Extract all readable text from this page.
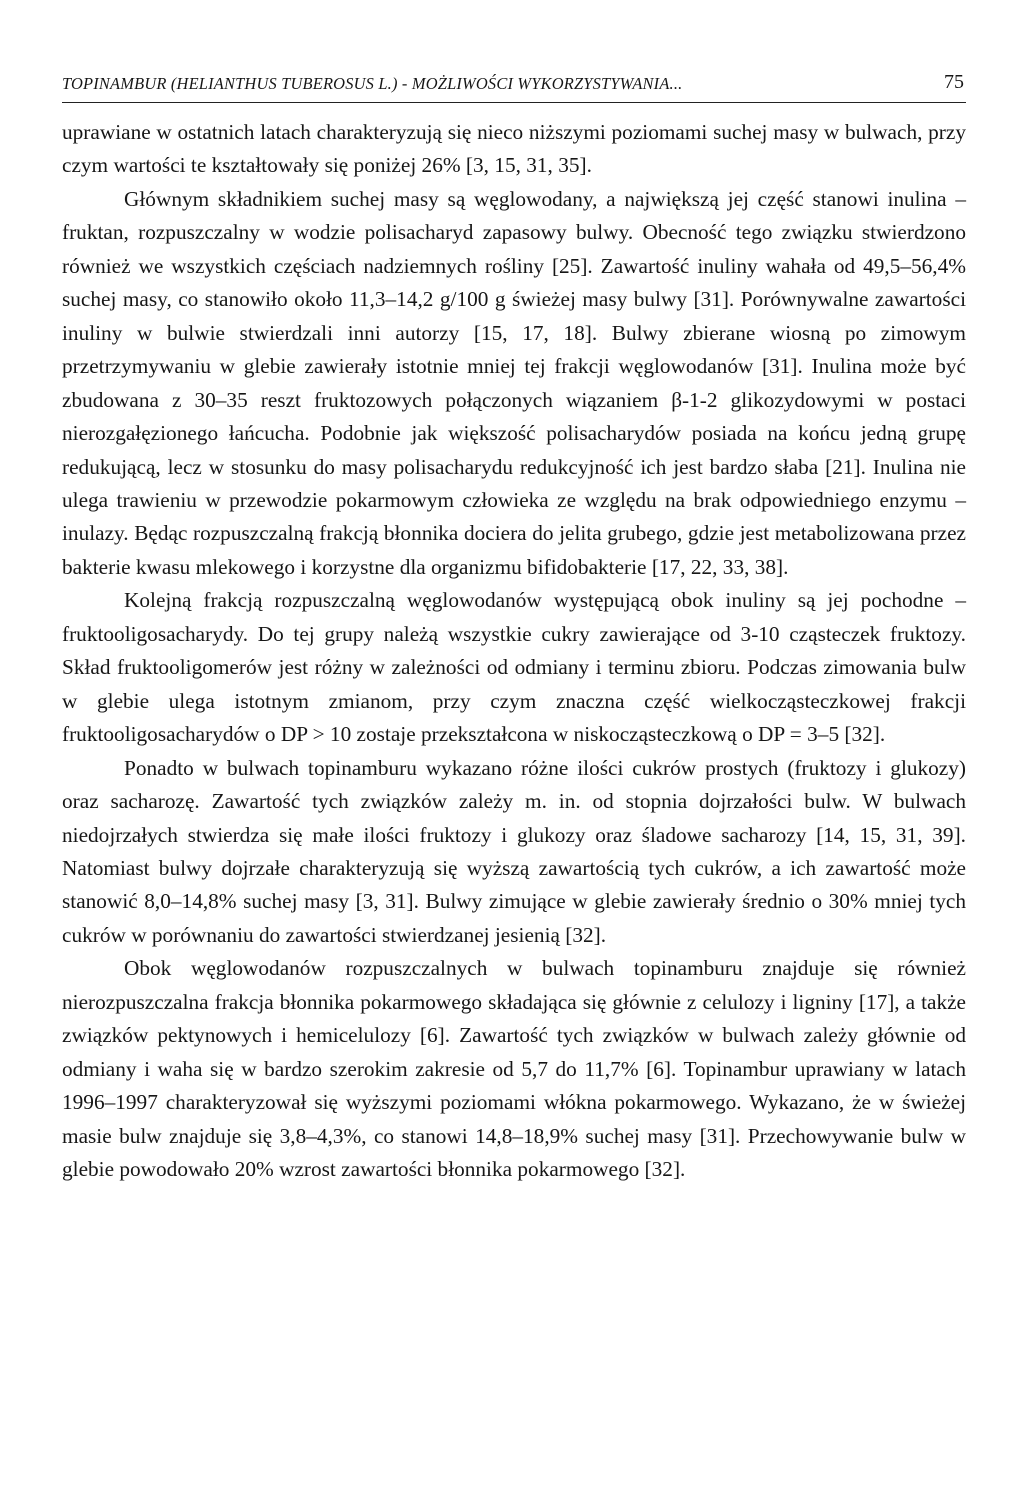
TOPINAMBUR (HELIANTHUS TUBEROSUS L.) - MOŻLIWOŚCI WYKORZYSTYWANIA...	75

uprawiane w ostatnich latach charakteryzują się nieco niższymi poziomami suchej masy w bulwach, przy czym wartości te kształtowały się poniżej 26% [3, 15, 31, 35].

Głównym składnikiem suchej masy są węglowodany, a największą jej część stanowi inulina – fruktan, rozpuszczalny w wodzie polisacharyd zapasowy bulwy. Obecność tego związku stwierdzono również we wszystkich częściach nadziemnych rośliny [25]. Zawartość inuliny wahała od 49,5–56,4% suchej masy, co stanowiło około 11,3–14,2 g/100 g świeżej masy bulwy [31]. Porównywalne zawartości inuliny w bulwie stwierdzali inni autorzy [15, 17, 18]. Bulwy zbierane wiosną po zimowym przetrzymywaniu w glebie zawierały istotnie mniej tej frakcji węglowodanów [31]. Inulina może być zbudowana z 30–35 reszt fruktozowych połączonych wiązaniem β-1-2 glikozydowymi w postaci nierozgałęzionego łańcucha. Podobnie jak większość polisacharydów posiada na końcu jedną grupę redukującą, lecz w stosunku do masy polisacharydu redukcyjność ich jest bardzo słaba [21]. Inulina nie ulega trawieniu w przewodzie pokarmowym człowieka ze względu na brak odpowiedniego enzymu – inulazy. Będąc rozpuszczalną frakcją błonnika dociera do jelita grubego, gdzie jest metabolizowana przez bakterie kwasu mlekowego i korzystne dla organizmu bifidobakterie [17, 22, 33, 38].

Kolejną frakcją rozpuszczalną węglowodanów występującą obok inuliny są jej pochodne – fruktooligosacharydy. Do tej grupy należą wszystkie cukry zawierające od 3-10 cząsteczek fruktozy. Skład fruktooligomerów jest różny w zależności od odmiany i terminu zbioru. Podczas zimowania bulw w glebie ulega istotnym zmianom, przy czym znaczna część wielkocząsteczkowej frakcji fruktooligosacharydów o DP > 10 zostaje przekształcona w niskocząsteczkową o DP = 3–5 [32].

Ponadto w bulwach topinamburu wykazano różne ilości cukrów prostych (fruktozy i glukozy) oraz sacharozę. Zawartość tych związków zależy m. in. od stopnia dojrzałości bulw. W bulwach niedojrzałych stwierdza się małe ilości fruktozy i glukozy oraz śladowe sacharozy [14, 15, 31, 39]. Natomiast bulwy dojrzałe charakteryzują się wyższą zawartością tych cukrów, a ich zawartość może stanowić 8,0–14,8% suchej masy [3, 31]. Bulwy zimujące w glebie zawierały średnio o 30% mniej tych cukrów w porównaniu do zawartości stwierdzanej jesienią [32].

Obok węglowodanów rozpuszczalnych w bulwach topinamburu znajduje się również nierozpuszczalna frakcja błonnika pokarmowego składająca się głównie z celulozy i ligniny [17], a także związków pektynowych i hemicelulozy [6]. Zawartość tych związków w bulwach zależy głównie od odmiany i waha się w bardzo szerokim zakresie od 5,7 do 11,7% [6]. Topinambur uprawiany w latach 1996–1997 charakteryzował się wyższymi poziomami włókna pokarmowego. Wykazano, że w świeżej masie bulw znajduje się 3,8–4,3%, co stanowi 14,8–18,9% suchej masy [31]. Przechowywanie bulw w glebie powodowało 20% wzrost zawartości błonnika pokarmowego [32].
